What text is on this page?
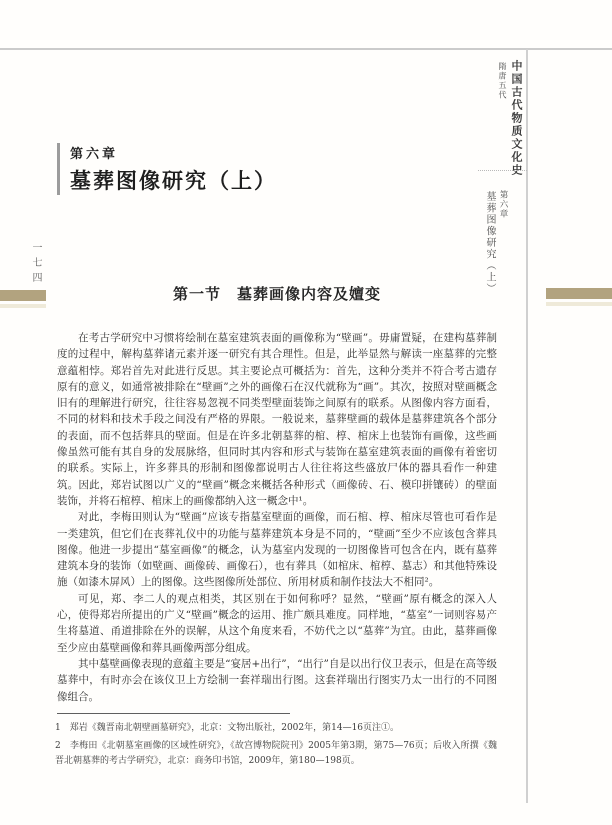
中国古代物质文化史
隋唐五代
第六章
墓葬图像研究（上）
一七四
第六章
墓葬图像研究（上）
第一节　墓葬画像内容及嬗变

在考古学研究中习惯将绘制在墓室建筑表面的画像称为“壁画”。毋庸置疑，在建构墓葬制度的过程中，解构墓葬诸元素并逐一研究有其合理性。但是，此举显然与解读一座墓葬的完整意蕴相悖。郑岩首先对此进行反思。其主要论点可概括为：首先，这种分类并不符合考古遗存原有的意义，如通常被排除在“壁画”之外的画像石在汉代就称为“画”。其次，按照对壁画概念旧有的理解进行研究，往往容易忽视不同类型壁面装饰之间原有的联系。从图像内容方面看，不同的材料和技术手段之间没有严格的界限。一般说来，墓葬壁画的载体是墓葬建筑各个部分的表面，而不包括葬具的壁面。但是在许多北朝墓葬的棺、椁、棺床上也装饰有画像，这些画像虽然可能有其自身的发展脉络，但同时其内容和形式与装饰在墓室建筑表面的画像有着密切的联系。实际上，许多葬具的形制和图像都说明古人往往将这些盛放尸体的器具看作一种建筑。因此，郑岩试图以广义的“壁画”概念来概括各种形式（画像砖、石、模印拼镶砖）的壁面装饰，并将石棺椁、棺床上的画像都纳入这一概念中¹。

对此，李梅田则认为“壁画”应该专指墓室壁面的画像，而石棺、椁、棺床尽管也可看作是一类建筑，但它们在丧葬礼仪中的功能与墓葬建筑本身是不同的，“壁画”至少不应该包含葬具图像。他进一步提出“墓室画像”的概念，认为墓室内发现的一切图像皆可包含在内，既有墓葬建筑本身的装饰（如壁画、画像砖、画像石），也有葬具（如棺床、棺椁、墓志）和其他特殊设施（如漆木屏风）上的图像。这些图像所处部位、所用材质和制作技法大不相同²。

可见，郑、李二人的观点相类，其区别在于如何称呼？显然，“壁画”原有概念的深入人心，使得郑岩所提出的广义“壁画”概念的运用、推广颇具难度。同样地，“墓室”一词则容易产生将墓道、甬道排除在外的误解，从这个角度来看，不妨代之以“墓葬”为宜。由此，墓葬画像至少应由墓壁画像和葬具画像两部分组成。

其中墓壁画像表现的意蕴主要是“宴居+出行”，“出行”自是以出行仪卫表示，但是在高等级墓葬中，有时亦会在该仪卫上方绘制一套祥瑞出行图。这套祥瑞出行图实乃太一出行的不同图像组合。

1　郑岩《魏晋南北朝壁画墓研究》，北京：文物出版社，2002年，第14—16页注①。

2　李梅田《北朝墓室画像的区域性研究》，《故宫博物院院刊》2005年第3期，第75—76页；后收入所撰《魏晋北朝墓葬的考古学研究》，北京：商务印书馆，2009年，第180—198页。
